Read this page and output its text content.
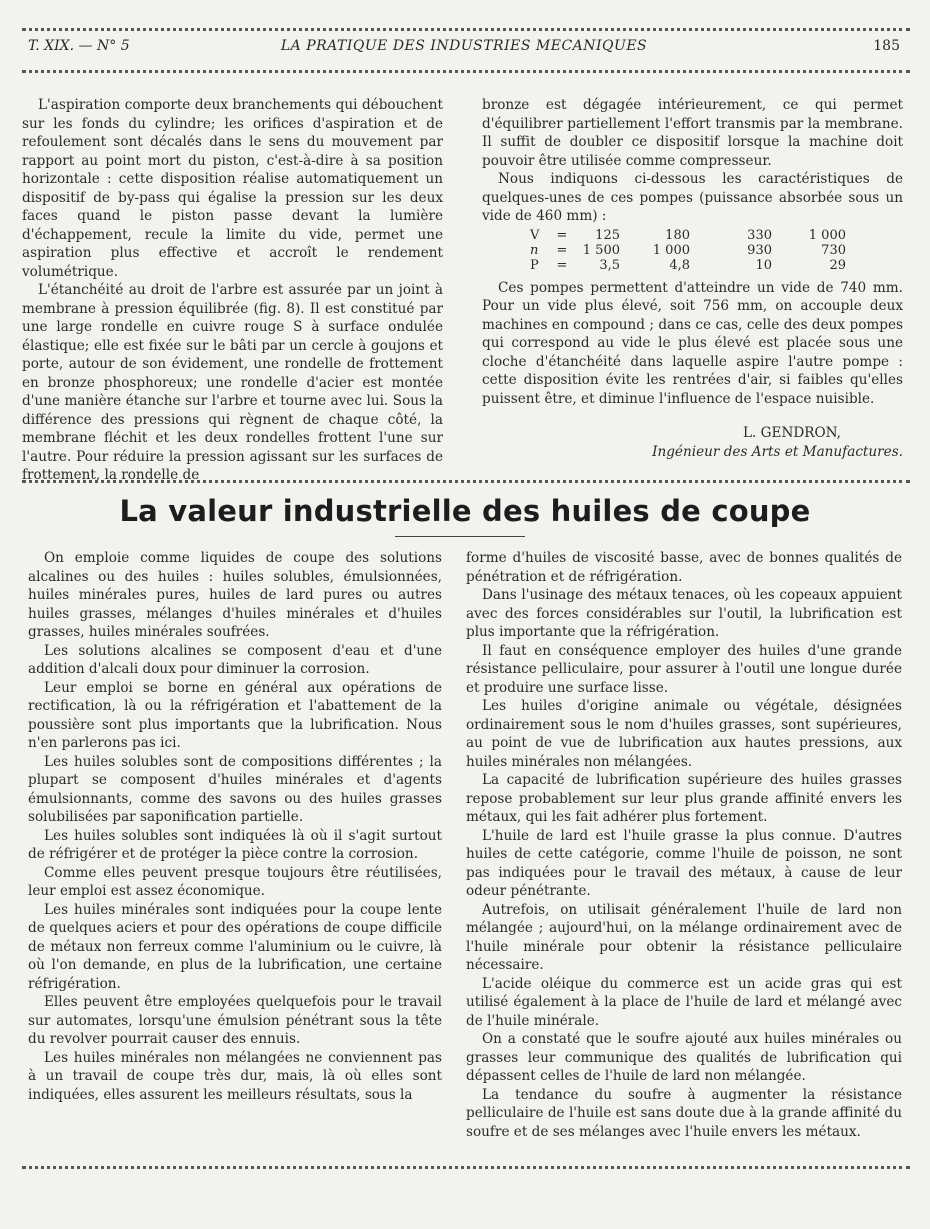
T. XIX. — N° 5	LA PRATIQUE DES INDUSTRIES MECANIQUES	185

L'aspiration comporte deux branchements qui débouchent sur les fonds du cylindre; les orifices d'aspiration et de refoulement sont décalés dans le sens du mouvement par rapport au point mort du piston, c'est-à-dire à sa position horizontale : cette disposition réalise automatiquement un dispositif de by-pass qui égalise la pression sur les deux faces quand le piston passe devant la lumière d'échappement, recule la limite du vide, permet une aspiration plus effective et accroît le rendement volumétrique.

L'étanchéité au droit de l'arbre est assurée par un joint à membrane à pression équilibrée (fig. 8). Il est constitué par une large rondelle en cuivre rouge S à surface ondulée élastique; elle est fixée sur le bâti par un cercle à goujons et porte, autour de son évidement, une rondelle de frottement en bronze phosphoreux; une rondelle d'acier est montée d'une manière étanche sur l'arbre et tourne avec lui. Sous la différence des pressions qui règnent de chaque côté, la membrane fléchit et les deux rondelles frottent l'une sur l'autre. Pour réduire la pression agissant sur les surfaces de frottement, la rondelle de

bronze est dégagée intérieurement, ce qui permet d'équilibrer partiellement l'effort transmis par la membrane. Il suffit de doubler ce dispositif lorsque la machine doit pouvoir être utilisée comme compresseur.

Nous indiquons ci-dessous les caractéristiques de quelques-unes de ces pompes (puissance absorbée sous un vide de 460 mm) :

V	=	125	180	330	1 000
n	=	1 500	1 000	930	730
P	=	3,5	4,8	10	29

Ces pompes permettent d'atteindre un vide de 740 mm. Pour un vide plus élevé, soit 756 mm, on accouple deux machines en compound ; dans ce cas, celle des deux pompes qui correspond au vide le plus élevé est placée sous une cloche d'étanchéité dans laquelle aspire l'autre pompe : cette disposition évite les rentrées d'air, si faibles qu'elles puissent être, et diminue l'influence de l'espace nuisible.

L. GENDRON,
Ingénieur des Arts et Manufactures.
La valeur industrielle des huiles de coupe

On emploie comme liquides de coupe des solutions alcalines ou des huiles : huiles solubles, émulsionnées, huiles minérales pures, huiles de lard pures ou autres huiles grasses, mélanges d'huiles minérales et d'huiles grasses, huiles minérales soufrées.

Les solutions alcalines se composent d'eau et d'une addition d'alcali doux pour diminuer la corrosion.

Leur emploi se borne en général aux opérations de rectification, là ou la réfrigération et l'abattement de la poussière sont plus importants que la lubrification. Nous n'en parlerons pas ici.

Les huiles solubles sont de compositions différentes ; la plupart se composent d'huiles minérales et d'agents émulsionnants, comme des savons ou des huiles grasses solubilisées par saponification partielle.

Les huiles solubles sont indiquées là où il s'agit surtout de réfrigérer et de protéger la pièce contre la corrosion.

Comme elles peuvent presque toujours être réutilisées, leur emploi est assez économique.

Les huiles minérales sont indiquées pour la coupe lente de quelques aciers et pour des opérations de coupe difficile de métaux non ferreux comme l'aluminium ou le cuivre, là où l'on demande, en plus de la lubrification, une certaine réfrigération.

Elles peuvent être employées quelquefois pour le travail sur automates, lorsqu'une émulsion pénétrant sous la tête du revolver pourrait causer des ennuis.

Les huiles minérales non mélangées ne conviennent pas à un travail de coupe très dur, mais, là où elles sont indiquées, elles assurent les meilleurs résultats, sous la

forme d'huiles de viscosité basse, avec de bonnes qualités de pénétration et de réfrigération.

Dans l'usinage des métaux tenaces, où les copeaux appuient avec des forces considérables sur l'outil, la lubrification est plus importante que la réfrigération.

Il faut en conséquence employer des huiles d'une grande résistance pelliculaire, pour assurer à l'outil une longue durée et produire une surface lisse.

Les huiles d'origine animale ou végétale, désignées ordinairement sous le nom d'huiles grasses, sont supérieures, au point de vue de lubrification aux hautes pressions, aux huiles minérales non mélangées.

La capacité de lubrification supérieure des huiles grasses repose probablement sur leur plus grande affinité envers les métaux, qui les fait adhérer plus fortement.

L'huile de lard est l'huile grasse la plus connue. D'autres huiles de cette catégorie, comme l'huile de poisson, ne sont pas indiquées pour le travail des métaux, à cause de leur odeur pénétrante.

Autrefois, on utilisait généralement l'huile de lard non mélangée ; aujourd'hui, on la mélange ordinairement avec de l'huile minérale pour obtenir la résistance pelliculaire nécessaire.

L'acide oléique du commerce est un acide gras qui est utilisé également à la place de l'huile de lard et mélangé avec de l'huile minérale.

On a constaté que le soufre ajouté aux huiles minérales ou grasses leur communique des qualités de lubrification qui dépassent celles de l'huile de lard non mélangée.

La tendance du soufre à augmenter la résistance pelliculaire de l'huile est sans doute due à la grande affinité du soufre et de ses mélanges avec l'huile envers les métaux.
